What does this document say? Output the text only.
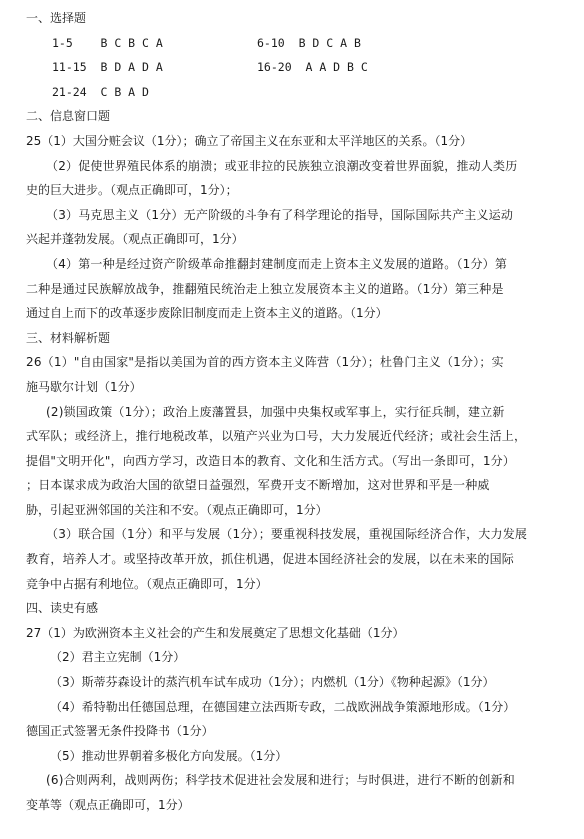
一、选择题
1-5 B C B C A	6-10 B D C A B
11-15 B D A D A	16-20 A A D B C
21-24 C B A D
二、信息窗口题
25（1）大国分赃会议（1分）；确立了帝国主义在东亚和太平洋地区的关系。（1分）
（2）促使世界殖民体系的崩溃；或亚非拉的民族独立浪潮改变着世界面貌，推动人类历
史的巨大进步。（观点正确即可，1分）；
（3）马克思主义（1分）无产阶级的斗争有了科学理论的指导，国际国际共产主义运动
兴起并蓬勃发展。（观点正确即可，1分）
（4）第一种是经过资产阶级革命推翻封建制度而走上资本主义发展的道路。（1分）第
二种是通过民族解放战争，推翻殖民统治走上独立发展资本主义的道路。（1分）第三种是
通过自上而下的改革逐步废除旧制度而走上资本主义的道路。（1分）
三、材料解析题
26（1）"自由国家"是指以美国为首的西方资本主义阵营（1分）；杜鲁门主义（1分）；实
施马歇尔计划（1分）
(2)锁国政策（1分）；政治上废藩置县，加强中央集权或军事上，实行征兵制，建立新
式军队；或经济上，推行地税改革，以殖产兴业为口号，大力发展近代经济；或社会生活上，
提倡"文明开化"，向西方学习，改造日本的教育、文化和生活方式。（写出一条即可，1分）
；日本谋求成为政治大国的欲望日益强烈，军费开支不断增加，这对世界和平是一种威
胁，引起亚洲邻国的关注和不安。（观点正确即可，1分）
（3）联合国（1分）和平与发展（1分）；要重视科技发展，重视国际经济合作，大力发展
教育，培养人才。或坚持改革开放，抓住机遇，促进本国经济社会的发展，以在未来的国际
竞争中占据有利地位。（观点正确即可，1分）
四、读史有感
27（1）为欧洲资本主义社会的产生和发展奠定了思想文化基础（1分）
（2）君主立宪制（1分）
（3）斯蒂芬森设计的蒸汽机车试车成功（1分）；内燃机（1分）《物种起源》（1分）
（4）希特勒出任德国总理，在德国建立法西斯专政，二战欧洲战争策源地形成。（1分）
德国正式签署无条件投降书（1分）
（5）推动世界朝着多极化方向发展。（1分）
(6)合则两利，战则两伤；科学技术促进社会发展和进行；与时俱进，进行不断的创新和
变革等（观点正确即可，1分）
